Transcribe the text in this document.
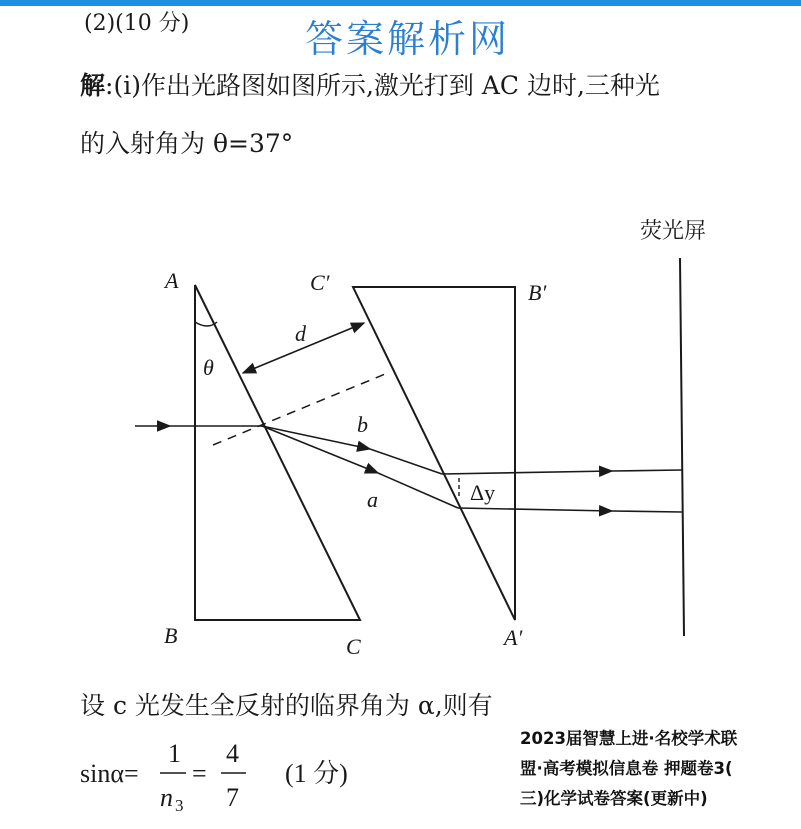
(2)(10 分)	答案解析网
解:(i)作出光路图如图所示,激光打到 AC 边时,三种光
的入射角为 θ=37°
A
B	C
C′	B′
A′
θ
d
b
a	Δy
荧光屏
设 c 光发生全反射的临界角为 α,则有
sinα=
1
n 3
=
4
7
(1 分)
2023届智慧上进·名校学术联
盟·高考模拟信息卷 押题卷3(
三)化学试卷答案(更新中)
